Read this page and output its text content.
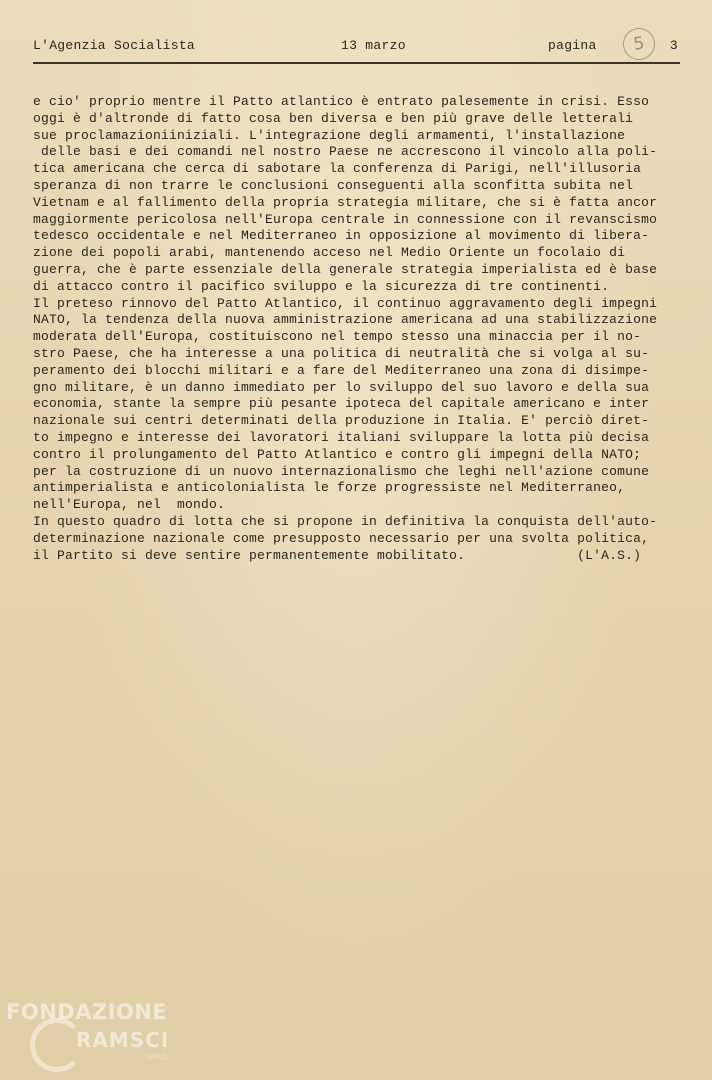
L'Agenzia Socialista	13 marzo	pagina	5	3
e cio' proprio mentre il Patto atlantico è entrato palesemente in crisi. Esso
oggi è d'altronde di fatto cosa ben diversa e ben più grave delle letterali
sue proclamazioniiniziali. L'integrazione degli armamenti, l'installazione
delle basi e dei comandi nel nostro Paese ne accrescono il vincolo alla poli-
tica americana che cerca di sabotare la conferenza di Parigi, nell'illusoria
speranza di non trarre le conclusioni conseguenti alla sconfitta subita nel
Vietnam e al fallimento della propria strategia militare, che si è fatta ancor
maggiormente pericolosa nell'Europa centrale in connessione con il revanscismo
tedesco occidentale e nel Mediterraneo in opposizione al movimento di libera-
zione dei popoli arabi, mantenendo acceso nel Medio Oriente un focolaio di
guerra, che è parte essenziale della generale strategia imperialista ed è base
di attacco contro il pacifico sviluppo e la sicurezza di tre continenti.
Il preteso rinnovo del Patto Atlantico, il continuo aggravamento degli impegni
NATO, la tendenza della nuova amministrazione americana ad una stabilizzazione
moderata dell'Europa, costituiscono nel tempo stesso una minaccia per il no-
stro Paese, che ha interesse a una politica di neutralità che si volga al su-
peramento dei blocchi militari e a fare del Mediterraneo una zona di disimpe-
gno militare, è un danno immediato per lo sviluppo del suo lavoro e della sua
economia, stante la sempre più pesante ipoteca del capitale americano e inter
nazionale sui centri determinati della produzione in Italia. E' perciò diret-
to impegno e interesse dei lavoratori italiani sviluppare la lotta più decisa
contro il prolungamento del Patto Atlantico e contro gli impegni della NATO;
per la costruzione di un nuovo internazionalismo che leghi nell'azione comune
antimperialista e anticolonialista le forze progressiste nel Mediterraneo,
nell'Europa, nel  mondo.
In questo quadro di lotta che si propone in definitiva la conquista dell'auto-
determinazione nazionale come presupposto necessario per una svolta politica,
il Partito si deve sentire permanentemente mobilitato.              (L'A.S.)
FONDAZIONE
RAMSCI
onlus
